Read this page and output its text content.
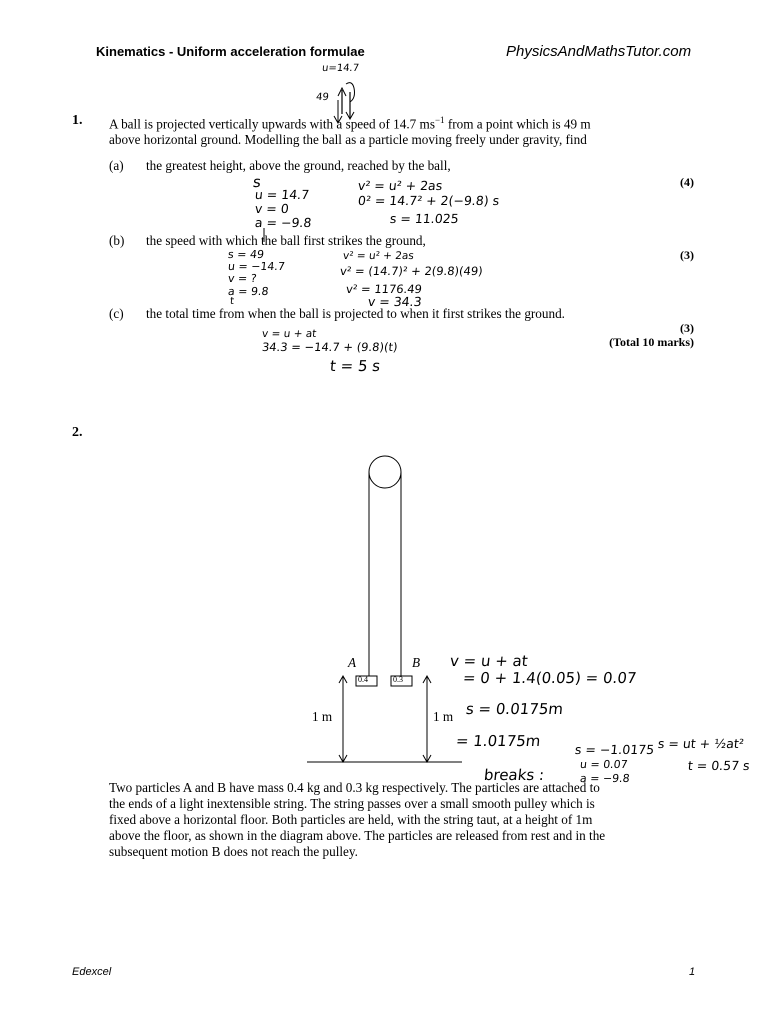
Kinematics - Uniform acceleration formulae	PhysicsAndMathsTutor.com
1. A ball is projected vertically upwards with a speed of 14.7 $ms^{-1}$ from a point which is 49 m
above horizontal ground. Modelling the ball as a particle moving freely under gravity, find
(a) the greatest height, above the ground, reached by the ball,
(4)
(b) the speed with which the ball first strikes the ground,
(3)
(c) the total time from when the ball is projected to when it first strikes the ground.
(3)
(Total 10 marks)
u=14.7
49
s
u = 14.7
v = 0
a = −9.8
v² = u² + 2as
0² = 14.7² + 2(−9.8) s
s = 11.025
s = 49
u = −14.7
v = ?
a = 9.8
t
v² = u² + 2as
v² = (14.7)² + 2(9.8)(49)
v² = 1176.49
v = 34.3
v = u + at
34.3 = −14.7 + (9.8)(t)
t = 5 s
2.
A	B
0.4	0.3
1 m	1 m
v = u + at
= 0 + 1.4(0.05) = 0.07
s = 0.0175m
= 1.0175m
breaks :
s = −1.0175
u = 0.07
a = −9.8
s = ut + ½at²
t = 0.57 s
Two particles A and B have mass 0.4 kg and 0.3 kg respectively. The particles are attached to
the ends of a light inextensible string. The string passes over a small smooth pulley which is
fixed above a horizontal floor. Both particles are held, with the string taut, at a height of 1m
above the floor, as shown in the diagram above. The particles are released from rest and in the
subsequent motion B does not reach the pulley.
Edexcel	1
